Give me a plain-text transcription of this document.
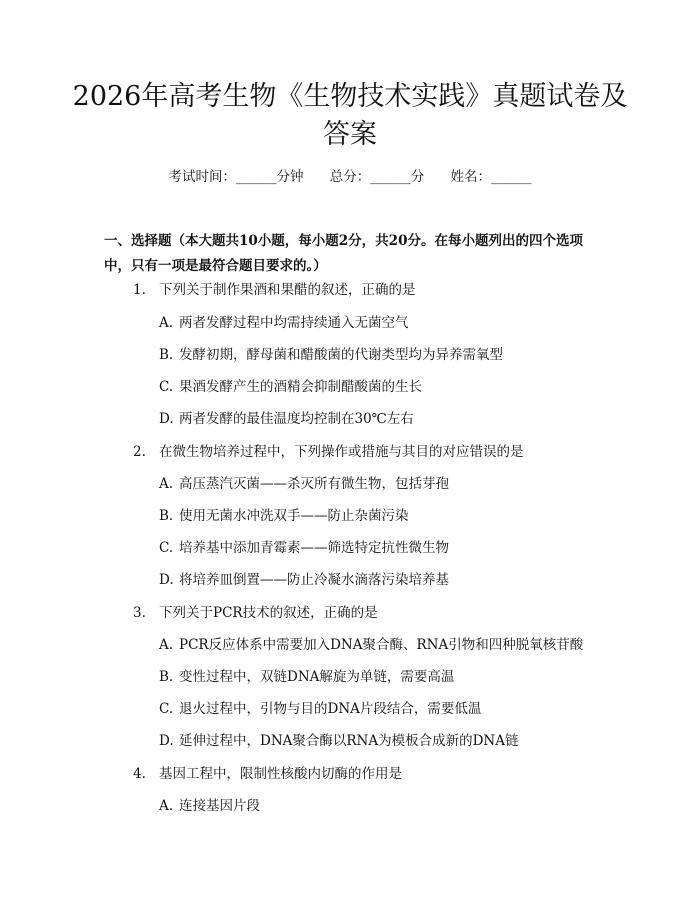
2026年高考生物《生物技术实践》真题试卷及答案
考试时间：______分钟 总分：______分 姓名：______
一、选择题（本大题共10小题，每小题2分，共20分。在每小题列出的四个选项中，只有一项是最符合题目要求的。）
1. 下列关于制作果酒和果醋的叙述，正确的是
A. 两者发酵过程中均需持续通入无菌空气
B. 发酵初期，酵母菌和醋酸菌的代谢类型均为异养需氧型
C. 果酒发酵产生的酒精会抑制醋酸菌的生长
D. 两者发酵的最佳温度均控制在30℃左右
2. 在微生物培养过程中，下列操作或措施与其目的对应错误的是
A. 高压蒸汽灭菌——杀灭所有微生物，包括芽孢
B. 使用无菌水冲洗双手——防止杂菌污染
C. 培养基中添加青霉素——筛选特定抗性微生物
D. 将培养皿倒置——防止冷凝水滴落污染培养基
3. 下列关于PCR技术的叙述，正确的是
A. PCR反应体系中需要加入DNA聚合酶、RNA引物和四种脱氧核苷酸
B. 变性过程中，双链DNA解旋为单链，需要高温
C. 退火过程中，引物与目的DNA片段结合，需要低温
D. 延伸过程中，DNA聚合酶以RNA为模板合成新的DNA链
4. 基因工程中，限制性核酸内切酶的作用是
A. 连接基因片段
